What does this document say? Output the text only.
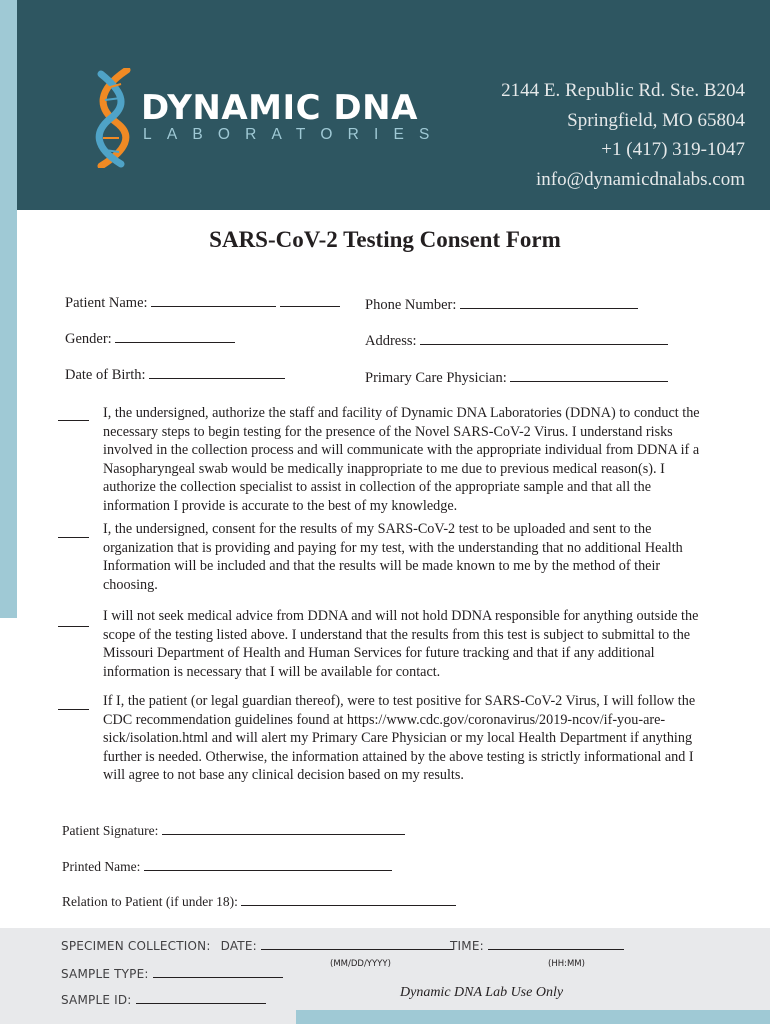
DYNAMIC DNA
LABORATORIES
2144 E. Republic Rd. Ste. B204
Springfield, MO 65804
+1 (417) 319-1047
info@dynamicdnalabs.com
SARS-CoV-2 Testing Consent Form
Patient Name:	Phone Number:
Gender:	Address:
Date of Birth:	Primary Care Physician:
I, the undersigned, authorize the staff and facility of Dynamic DNA Laboratories (DDNA) to conduct the necessary steps to begin testing for the presence of the Novel SARS-CoV-2 Virus. I understand risks involved in the collection process and will communicate with the appropriate individual from DDNA if a Nasopharyngeal swab would be medically inappropriate to me due to previous medical reason(s). I authorize the collection specialist to assist in collection of the appropriate sample and that all the information I provide is accurate to the best of my knowledge.
I, the undersigned, consent for the results of my SARS-CoV-2 test to be uploaded and sent to the organization that is providing and paying for my test, with the understanding that no additional Health Information will be included and that the results will be made known to me by the method of their choosing.
I will not seek medical advice from DDNA and will not hold DDNA responsible for anything outside the scope of the testing listed above. I understand that the results from this test is subject to submittal to the Missouri Department of Health and Human Services for future tracking and that if any additional information is necessary that I will be available for contact.
If I, the patient (or legal guardian thereof), were to test positive for SARS-CoV-2 Virus, I will follow the CDC recommendation guidelines found at https://www.cdc.gov/coronavirus/2019-ncov/if-you-are-sick/isolation.html and will alert my Primary Care Physician or my local Health Department if anything further is needed. Otherwise, the information attained by the above testing is strictly informational and I will agree to not base any clinical decision based on my results.
Patient Signature:
Printed Name:
Relation to Patient (if under 18):
SPECIMEN COLLECTION: DATE:
(MM/DD/YYYY)
TIME:
(HH:MM)
SAMPLE TYPE:
SAMPLE ID:	Dynamic DNA Lab Use Only
